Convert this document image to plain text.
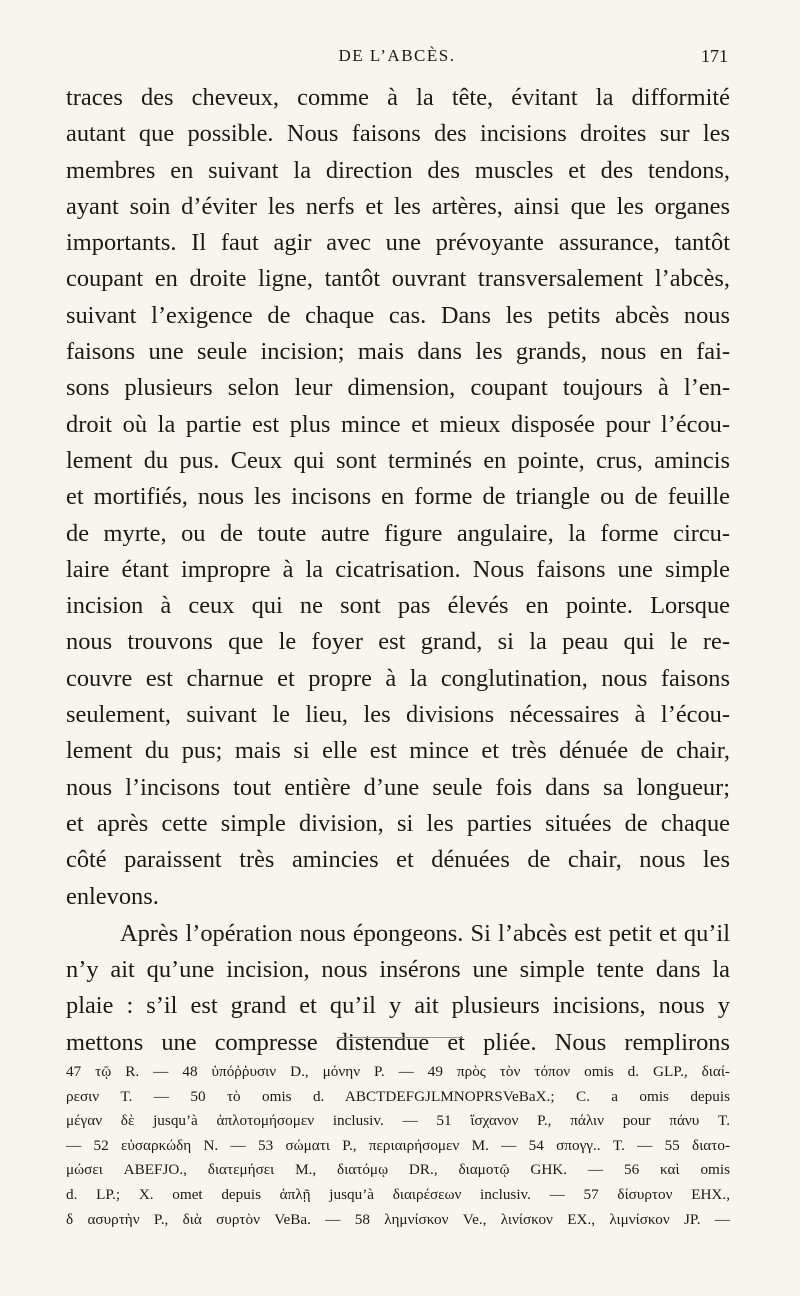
DE L’ABCÈS.	171
traces des cheveux, comme à la tête, évitant la difformité
autant que possible. Nous faisons des incisions droites sur les
membres en suivant la direction des muscles et des tendons,
ayant soin d’éviter les nerfs et les artères, ainsi que les organes
importants. Il faut agir avec une prévoyante assurance, tantôt
coupant en droite ligne, tantôt ouvrant transversalement l’abcès,
suivant l’exigence de chaque cas. Dans les petits abcès nous
faisons une seule incision; mais dans les grands, nous en fai-
sons plusieurs selon leur dimension, coupant toujours à l’en-
droit où la partie est plus mince et mieux disposée pour l’écou-
lement du pus. Ceux qui sont terminés en pointe, crus, amincis
et mortifiés, nous les incisons en forme de triangle ou de feuille
de myrte, ou de toute autre figure angulaire, la forme circu-
laire étant impropre à la cicatrisation. Nous faisons une simple
incision à ceux qui ne sont pas élevés en pointe. Lorsque
nous trouvons que le foyer est grand, si la peau qui le re-
couvre est charnue et propre à la conglutination, nous faisons
seulement, suivant le lieu, les divisions nécessaires à l’écou-
lement du pus; mais si elle est mince et très dénuée de chair,
nous l’incisons tout entière d’une seule fois dans sa longueur;
et après cette simple division, si les parties situées de chaque
côté paraissent très amincies et dénuées de chair, nous les
enlevons.
Après l’opération nous épongeons. Si l’abcès est petit et qu’il
n’y ait qu’une incision, nous insérons une simple tente dans la
plaie : s’il est grand et qu’il y ait plusieurs incisions, nous y
mettons une compresse distendue et pliée. Nous remplirons
47 τῷ R. — 48 ὑπόῤῥυσιν D., μόνην P. — 49 πρὸς τὸν τόπον omis d. GLP., διαί-
ρεσιν T. — 50 τὸ omis d. ABCTDEFGJLMNOPRSVeBaX.; C. a omis depuis
μέγαν δὲ jusqu’à ἁπλοτομήσομεν inclusiv. — 51 ἴσχανον P., πάλιν pour πάνυ T.
— 52 εὐσαρκώδη N. — 53 σώματι P., περιαιρήσομεν M. — 54 σπογγ.. T. — 55 διατο-
μώσει ABEFJO., διατεμήσει M., διατόμῳ DR., διαμοτῷ GHK. — 56 καὶ omis
d. LP.; X. omet depuis ἁπλῇ jusqu’à διαιρέσεων inclusiv. — 57 δίσυρτον EHX.,
δ ασυρτὴν P., διὰ συρτὸν VeBa. — 58 λημνίσκον Ve., λινίσκον EX., λιμνίσκον JP. —
